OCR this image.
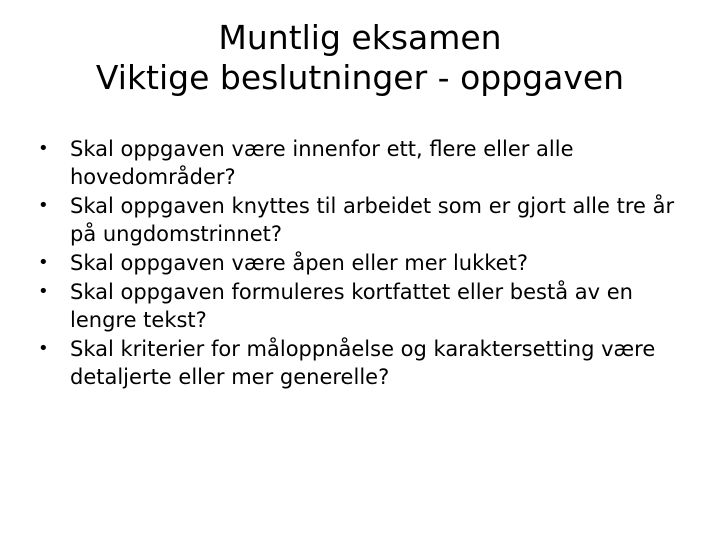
Muntlig eksamen
Viktige beslutninger - oppgaven
•	Skal oppgaven være innenfor ett, flere eller alle hovedområder?
•	Skal oppgaven knyttes til arbeidet som er gjort alle tre år på ungdomstrinnet?
•	Skal oppgaven være åpen eller mer lukket?
•	Skal oppgaven formuleres kortfattet eller bestå av en lengre tekst?
•	Skal kriterier for måloppnåelse og karaktersetting være detaljerte eller mer generelle?
